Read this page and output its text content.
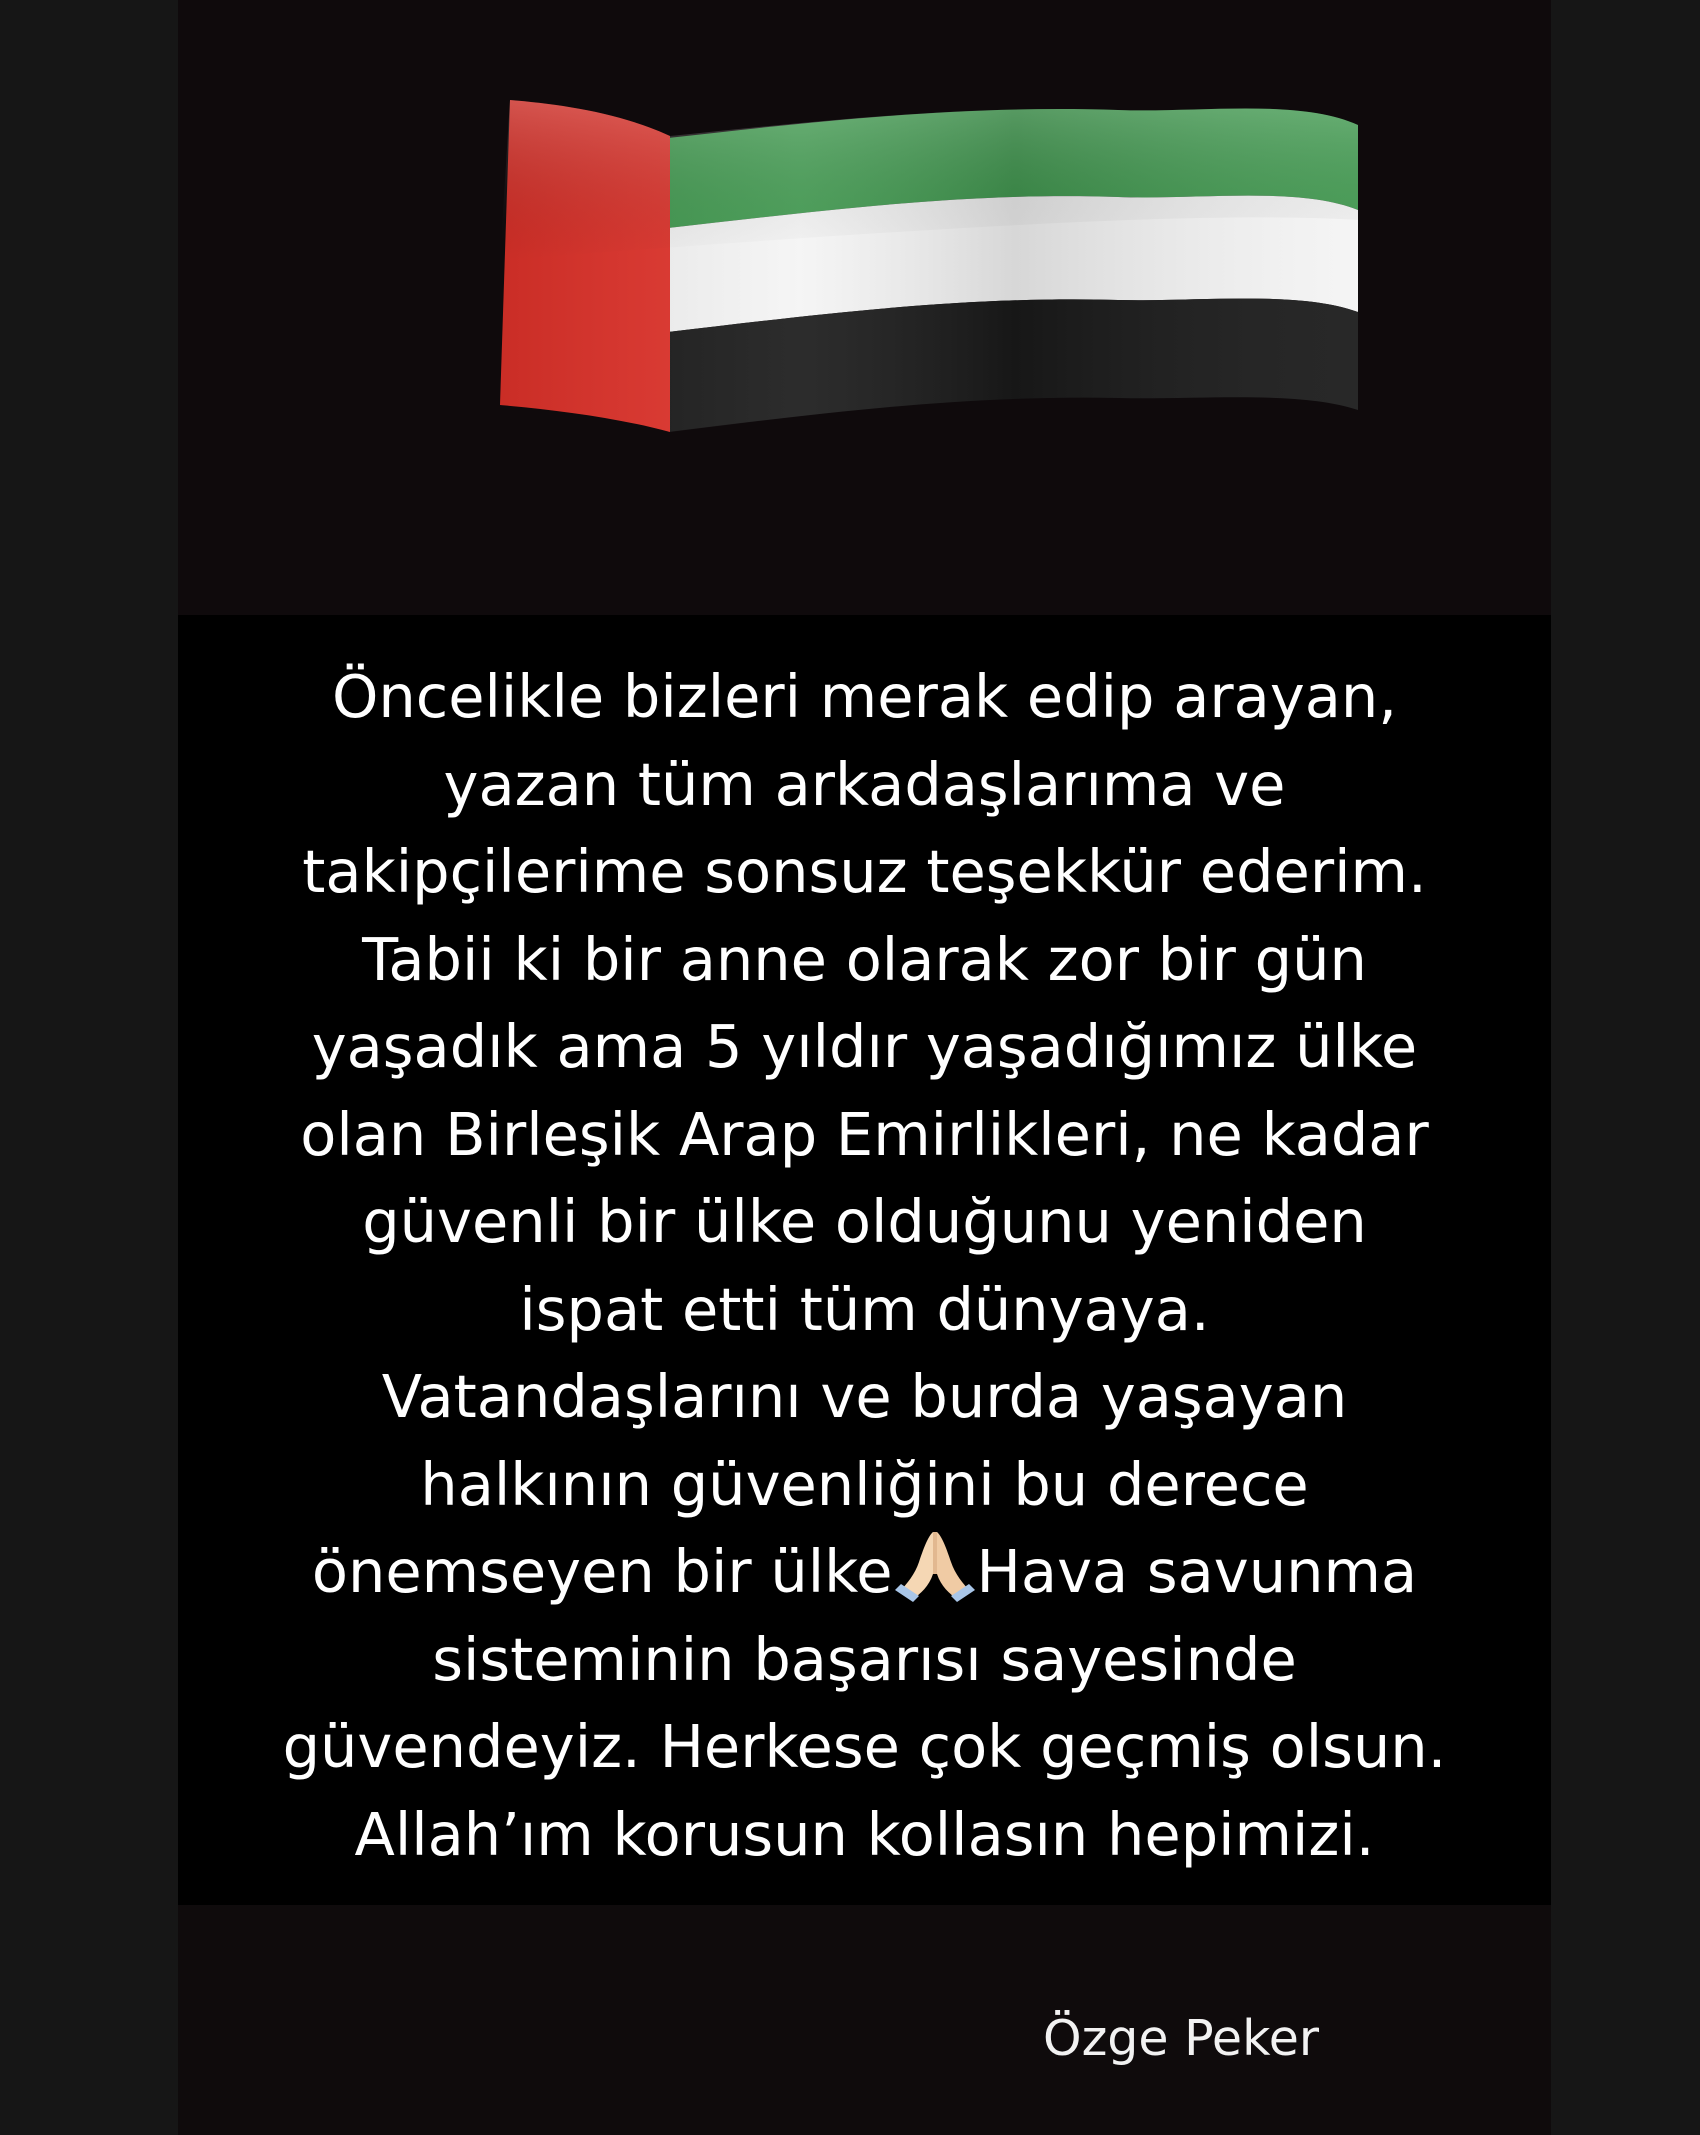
Öncelikle bizleri merak edip arayan,
yazan tüm arkadaşlarıma ve
takipçilerime sonsuz teşekkür ederim.
Tabii ki bir anne olarak zor bir gün
yaşadık ama 5 yıldır yaşadığımız ülke
olan Birleşik Arap Emirlikleri, ne kadar
güvenli bir ülke olduğunu yeniden
ispat etti tüm dünyaya.
Vatandaşlarını ve burda yaşayan
halkının güvenliğini bu derece
önemseyen bir ülke Hava savunma
sisteminin başarısı sayesinde
güvendeyiz. Herkese çok geçmiş olsun.
Allah’ım korusun kollasın hepimizi.

Özge Peker
